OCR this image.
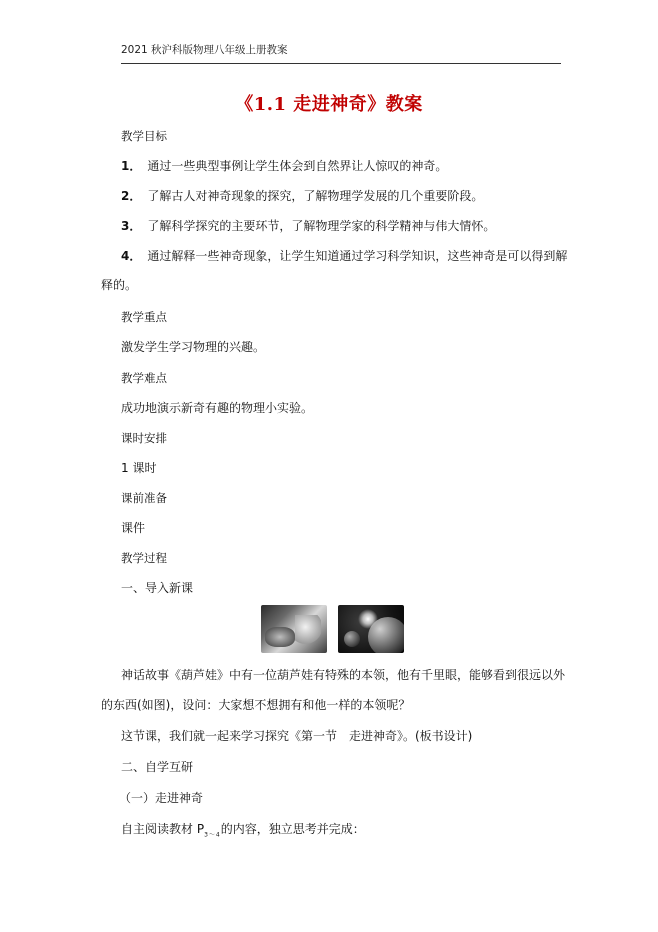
2021 秋沪科版物理八年级上册教案
《1.1 走进神奇》教案
教学目标
1． 通过一些典型事例让学生体会到自然界让人惊叹的神奇。
2． 了解古人对神奇现象的探究，了解物理学发展的几个重要阶段。
3． 了解科学探究的主要环节，了解物理学家的科学精神与伟大情怀。
4． 通过解释一些神奇现象，让学生知道通过学习科学知识，这些神奇是可以得到解
释的。
教学重点
激发学生学习物理的兴趣。
教学难点
成功地演示新奇有趣的物理小实验。
课时安排
1 课时
课前准备
课件
教学过程
一、导入新课
神话故事《葫芦娃》中有一位葫芦娃有特殊的本领，他有千里眼，能够看到很远以外
的东西(如图)，设问：大家想不想拥有和他一样的本领呢？
这节课，我们就一起来学习探究《第一节　走进神奇》。(板书设计)
二、自学互研
（一）走进神奇
自主阅读教材 $P_{3\sim 4}$的内容，独立思考并完成：
